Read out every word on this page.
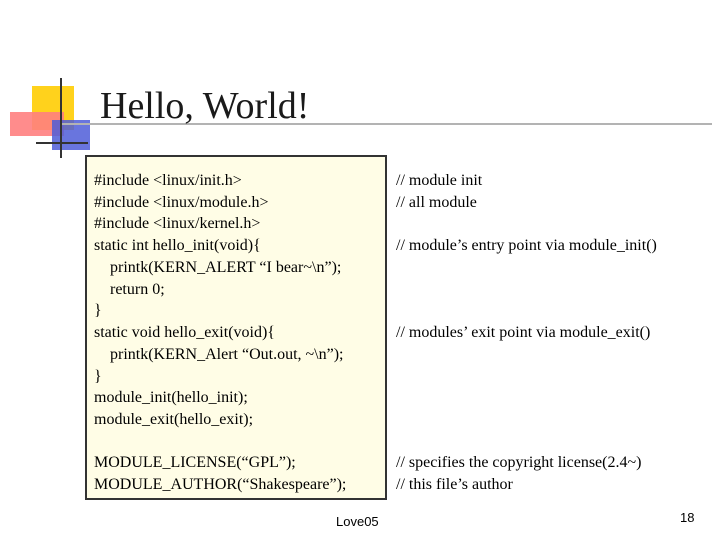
Hello, World!
#include <linux/init.h>
#include <linux/module.h>
#include <linux/kernel.h>
static int hello_init(void){
printk(KERN_ALERT “I bear~\n”);
return 0;
}
static void hello_exit(void){
printk(KERN_Alert “Out.out, ~\n”);
}
module_init(hello_init);
module_exit(hello_exit);
MODULE_LICENSE(“GPL”);
MODULE_AUTHOR(“Shakespeare”);
// module init
// all module
// module’s entry point via module_init()
// modules’ exit point via module_exit()
// specifies the copyright license(2.4~)
// this file’s author
Love05	18
